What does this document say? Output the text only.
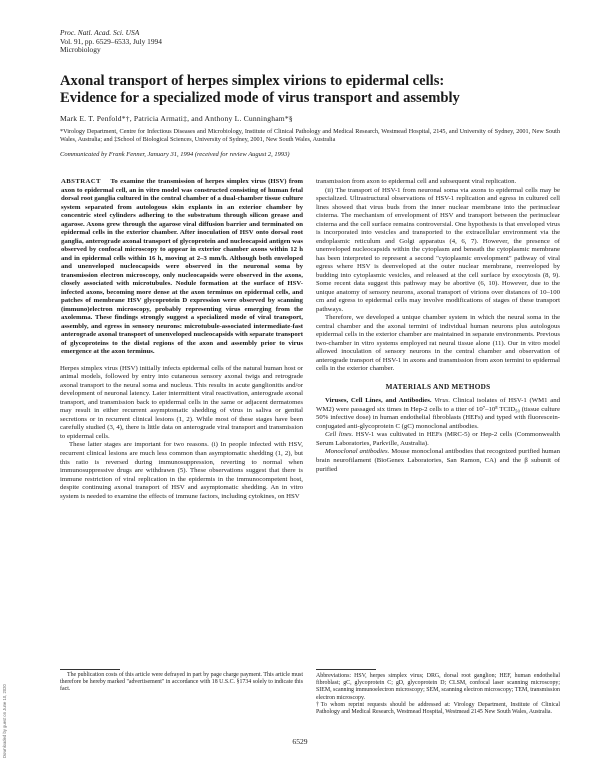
Proc. Natl. Acad. Sci. USA
Vol. 91, pp. 6529–6533, July 1994
Microbiology
Axonal transport of herpes simplex virions to epidermal cells:
Evidence for a specialized mode of virus transport and assembly
Mark E. T. Penfold*†, Patricia Armati‡, and Anthony L. Cunningham*§
*Virology Department, Centre for Infectious Diseases and Microbiology, Institute of Clinical Pathology and Medical Research, Westmead Hospital, 2145, and University of Sydney, 2001, New South Wales, Australia; and ‡School of Biological Sciences, University of Sydney, 2001, New South Wales, Australia
Communicated by Frank Fenner, January 31, 1994 (received for review August 2, 1993)

ABSTRACT To examine the transmission of herpes simplex virus (HSV) from axon to epidermal cell, an in vitro model was constructed consisting of human fetal dorsal root ganglia cultured in the central chamber of a dual-chamber tissue culture system separated from autologous skin explants in an exterior chamber by concentric steel cylinders adhering to the substratum through silicon grease and agarose. Axons grew through the agarose viral diffusion barrier and terminated on epidermal cells in the exterior chamber. After inoculation of HSV onto dorsal root ganglia, anterograde axonal transport of glycoprotein and nucleocapsid antigen was observed by confocal microscopy to appear in exterior chamber axons within 12 h and in epidermal cells within 16 h, moving at 2–3 mm/h. Although both enveloped and unenveloped nucleocapsids were observed in the neuronal soma by transmission electron microscopy, only nucleocapsids were observed in the axons, closely associated with microtubules. Nodule formation at the surface of HSV-infected axons, becoming more dense at the axon terminus on epidermal cells, and patches of membrane HSV glycoprotein D expression were observed by scanning (immuno)electron microscopy, probably representing virus emerging from the axolemma. These findings strongly suggest a specialized mode of viral transport, assembly, and egress in sensory neurons: microtubule-associated intermediate-fast anterograde axonal transport of unenveloped nucleocapsids with separate transport of glycoproteins to the distal regions of the axon and assembly prior to virus emergence at the axon terminus.

Herpes simplex virus (HSV) initially infects epidermal cells of the natural human host or animal models, followed by entry into cutaneous sensory axonal twigs and retrograde axonal transport to the neural soma and nucleus. This results in acute ganglionitis and/or development of neuronal latency. Later intermittent viral reactivation, anterograde axonal transport, and transmission back to epidermal cells in the same or adjacent dermatomes may result in either recurrent asymptomatic shedding of virus in saliva or genital secretions or in recurrent clinical lesions (1, 2). While most of these stages have been carefully studied (3, 4), there is little data on anterograde viral transport and transmission to epidermal cells.

These latter stages are important for two reasons. (i) In people infected with HSV, recurrent clinical lesions are much less common than asymptomatic shedding (1, 2), but this ratio is reversed during immunosuppression, reverting to normal when immunosuppressive drugs are withdrawn (5). These observations suggest that there is immune restriction of viral replication in the epidermis in the immunocompetent host, despite continuing axonal transport of HSV and asymptomatic shedding. An in vitro system is needed to examine the effects of immune factors, including cytokines, on HSV

transmission from axon to epidermal cell and subsequent viral replication.

(ii) The transport of HSV-1 from neuronal soma via axons to epidermal cells may be specialized. Ultrastructural observations of HSV-1 replication and egress in cultured cell lines showed that virus buds from the inner nuclear membrane into the perinuclear cisterna. The mechanism of envelopment of HSV and transport between the perinuclear cisterna and the cell surface remains controversial. One hypothesis is that enveloped virus is incorporated into vesicles and transported to the extracellular environment via the endoplasmic reticulum and Golgi apparatus (4, 6, 7). However, the presence of unenveloped nucleocapsids within the cytoplasm and beneath the cytoplasmic membrane has been interpreted to represent a second "cytoplasmic envelopment" pathway of viral egress where HSV is deenveloped at the outer nuclear membrane, reenveloped by budding into cytoplasmic vesicles, and released at the cell surface by exocytosis (8, 9). Some recent data suggest this pathway may be abortive (6, 10). However, due to the unique anatomy of sensory neurons, axonal transport of virions over distances of 10–100 cm and egress to epidermal cells may involve modifications of stages of these transport pathways.

Therefore, we developed a unique chamber system in which the neural soma in the central chamber and the axonal termini of individual human neurons plus autologous epidermal cells in the exterior chamber are maintained in separate environments. Previous two-chamber in vitro systems employed rat neural tissue alone (11). Our in vitro model allowed inoculation of sensory neurons in the central chamber and observation of anterograde transport of HSV-1 in axons and transmission from axon termini to epidermal cells in the exterior chamber.

MATERIALS AND METHODS

Viruses, Cell Lines, and Antibodies. Virus. Clinical isolates of HSV-1 (WM1 and WM2) were passaged six times in Hep-2 cells to a titer of 10⁷–10⁸ TCID₅₀ (tissue culture 50% infective dose) in human endothelial fibroblasts (HEFs) and typed with fluorescein-conjugated anti-glycoprotein C (gC) monoclonal antibodies.

Cell lines. HSV-1 was cultivated in HEFs (MRC-5) or Hep-2 cells (Commonwealth Serum Laboratories, Parkville, Australia).

Monoclonal antibodies. Mouse monoclonal antibodies that recognized purified human brain neurofilament (BioGenex Laboratories, San Ramon, CA) and the β subunit of purified

The publication costs of this article were defrayed in part by page charge payment. This article must therefore be hereby marked "advertisement" in accordance with 18 U.S.C. §1734 solely to indicate this fact.

Abbreviations: HSV, herpes simplex virus; DRG, dorsal root ganglion; HEF, human endothelial fibroblast; gC, glycoprotein C; gD, glycoprotein D; CLSM, confocal laser scanning microscopy; SIEM, scanning immunoelectron microscopy; SEM, scanning electron microscopy; TEM, transmission electron microscopy.

†To whom reprint requests should be addressed at: Virology Department, Institute of Clinical Pathology and Medical Research, Westmead Hospital, Westmead 2145 New South Wales, Australia.

6529
Downloaded by guest on June 10, 2020
